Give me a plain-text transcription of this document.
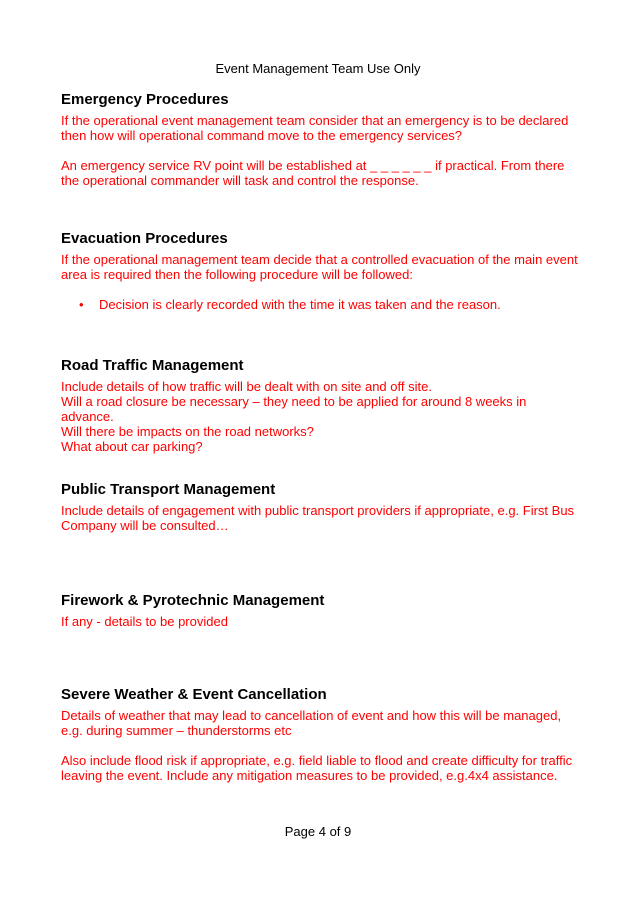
Event Management Team Use Only
Emergency Procedures

If the operational event management team consider that an emergency is to be declared
then how will operational command move to the emergency services?

An emergency service RV point will be established at _ _ _ _ _ _ if practical. From there
the operational commander will task and control the response.

Evacuation Procedures

If the operational management team decide that a controlled evacuation of the main event
area is required then the following procedure will be followed:

• Decision is clearly recorded with the time it was taken and the reason.
Road Traffic Management

Include details of how traffic will be dealt with on site and off site.

Will a road closure be necessary – they need to be applied for around 8 weeks in advance.

Will there be impacts on the road networks?

What about car parking?

Public Transport Management

Include details of engagement with public transport providers if appropriate, e.g. First Bus
Company will be consulted…

Firework & Pyrotechnic Management

If any - details to be provided

Severe Weather & Event Cancellation

Details of weather that may lead to cancellation of event and how this will be managed,
e.g. during summer – thunderstorms etc

Also include flood risk if appropriate, e.g. field liable to flood and create difficulty for traffic
leaving the event. Include any mitigation measures to be provided, e.g.4x4 assistance.

Page 4 of 9
